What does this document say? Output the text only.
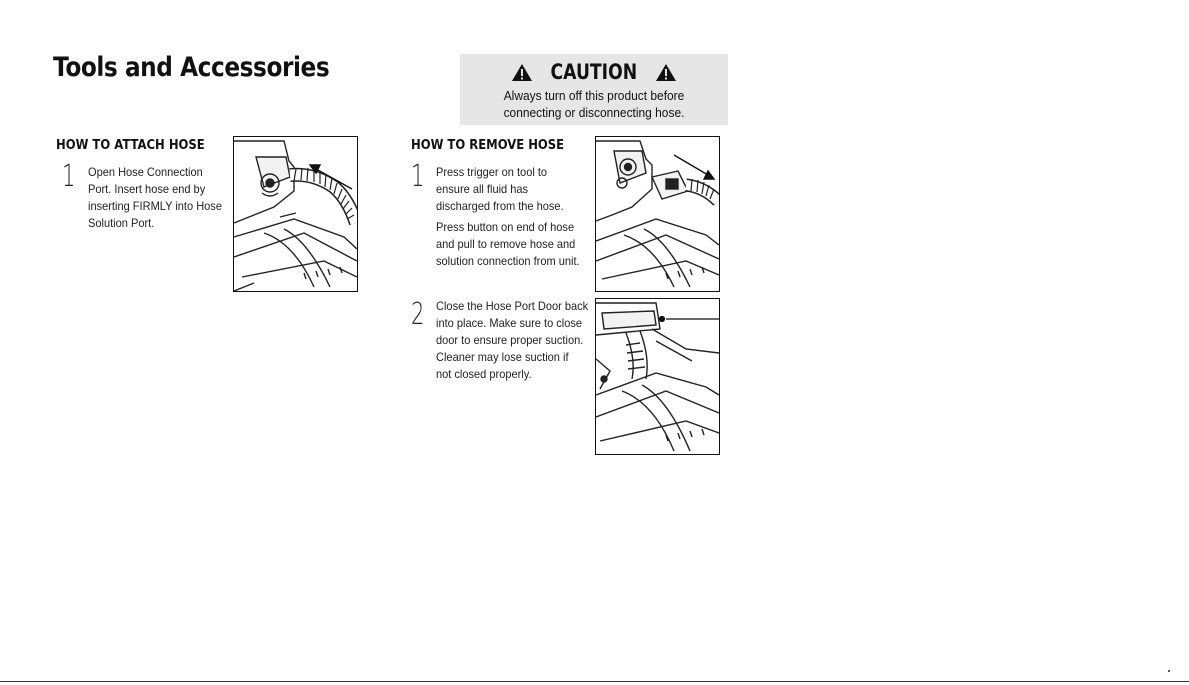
Tools and Accessories	CAUTION
Always turn off this product before
connecting or disconnecting hose.
HOW TO ATTACH HOSE
1 Open Hose Connection
Port. Insert hose end by
inserting FIRMLY into Hose
Solution Port.
HOW TO REMOVE HOSE
1 Press trigger on tool to
ensure all fluid has
discharged from the hose.

Press button on end of hose
and pull to remove hose and
solution connection from unit.

2 Close the Hose Port Door back
into place. Make sure to close
door to ensure proper suction.
Cleaner may lose suction if
not closed properly.
